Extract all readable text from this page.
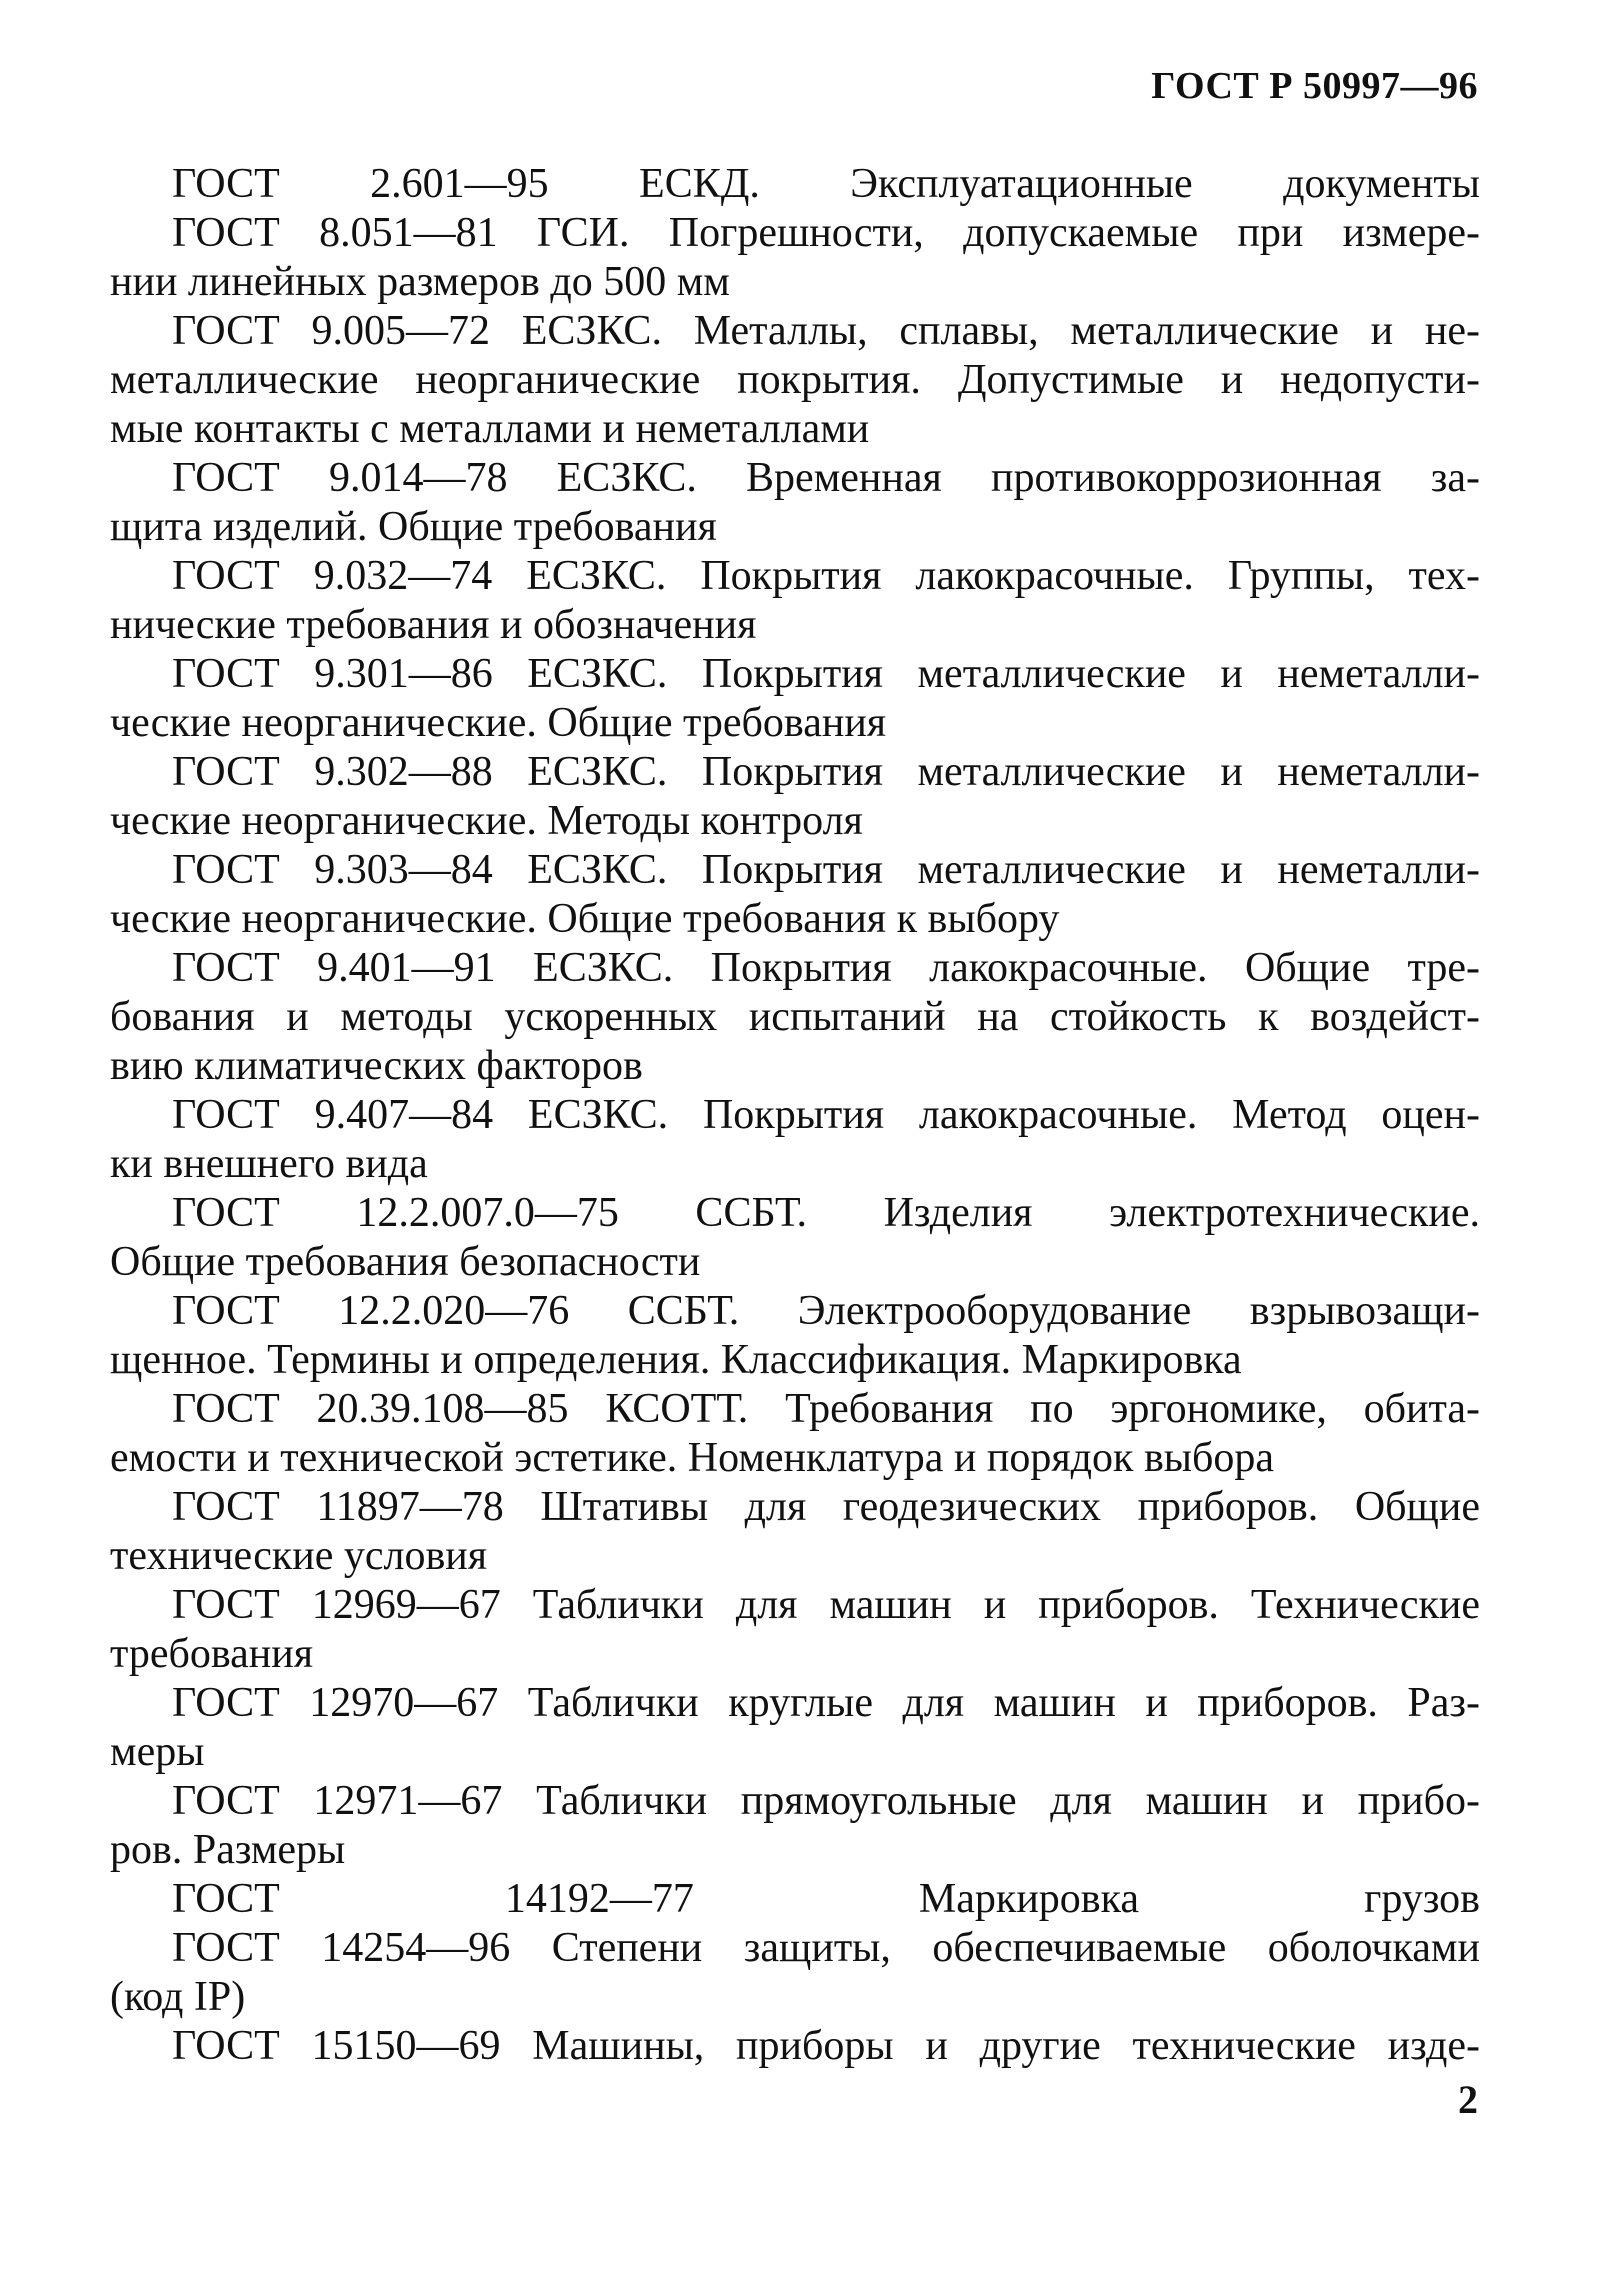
ГОСТ Р 50997—96
ГОСТ 2.601—95 ЕСКД. Эксплуатационные документы
ГОСТ 8.051—81 ГСИ. Погрешности, допускаемые при измере-
нии линейных размеров до 500 мм
ГОСТ 9.005—72 ЕСЗКС. Металлы, сплавы, металлические и не-
металлические неорганические покрытия. Допустимые и недопусти-
мые контакты с металлами и неметаллами
ГОСТ 9.014—78 ЕСЗКС. Временная противокоррозионная за-
щита изделий. Общие требования
ГОСТ 9.032—74 ЕСЗКС. Покрытия лакокрасочные. Группы, тех-
нические требования и обозначения
ГОСТ 9.301—86 ЕСЗКС. Покрытия металлические и неметалли-
ческие неорганические. Общие требования
ГОСТ 9.302—88 ЕСЗКС. Покрытия металлические и неметалли-
ческие неорганические. Методы контроля
ГОСТ 9.303—84 ЕСЗКС. Покрытия металлические и неметалли-
ческие неорганические. Общие требования к выбору
ГОСТ 9.401—91 ЕСЗКС. Покрытия лакокрасочные. Общие тре-
бования и методы ускоренных испытаний на стойкость к воздейст-
вию климатических факторов
ГОСТ 9.407—84 ЕСЗКС. Покрытия лакокрасочные. Метод оцен-
ки внешнего вида
ГОСТ 12.2.007.0—75 ССБТ. Изделия электротехнические.
Общие требования безопасности
ГОСТ 12.2.020—76 ССБТ. Электрооборудование взрывозащи-
щенное. Термины и определения. Классификация. Маркировка
ГОСТ 20.39.108—85 КСОТТ. Требования по эргономике, обита-
емости и технической эстетике. Номенклатура и порядок выбора
ГОСТ 11897—78 Штативы для геодезических приборов. Общие
технические условия
ГОСТ 12969—67 Таблички для машин и приборов. Технические
требования
ГОСТ 12970—67 Таблички круглые для машин и приборов. Раз-
меры
ГОСТ 12971—67 Таблички прямоугольные для машин и прибо-
ров. Размеры
ГОСТ 14192—77 Маркировка грузов
ГОСТ 14254—96 Степени защиты, обеспечиваемые оболочками
(код IP)
ГОСТ 15150—69 Машины, приборы и другие технические изде-
2
